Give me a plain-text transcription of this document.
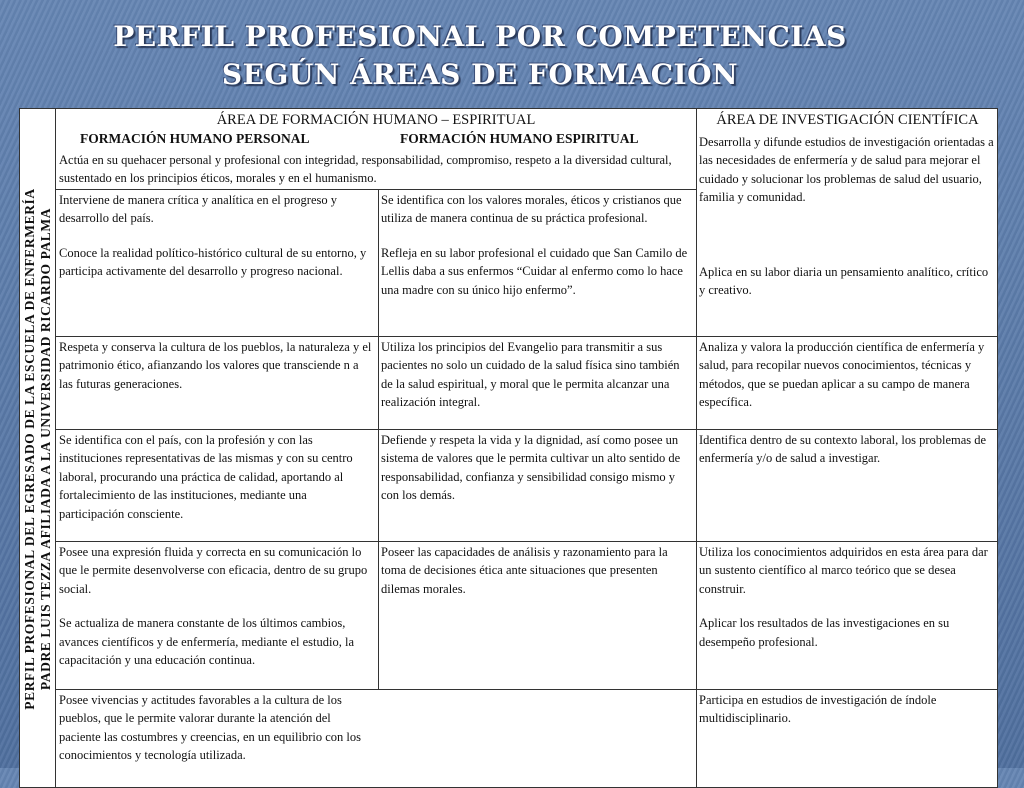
PERFIL PROFESIONAL POR COMPETENCIAS
SEGÚN ÁREAS DE FORMACIÓN
PERFIL PROFESIONAL DEL EGRESADO DE LA ESCUELA DE ENFERMERÍA PADRE LUIS TEZZA AFILIADA A LA UNIVERSIDAD RICARDO PALMA
ÁREA DE FORMACIÓN HUMANO – ESPIRITUAL	ÁREA DE INVESTIGACIÓN CIENTÍFICA
FORMACIÓN HUMANO PERSONAL	FORMACIÓN HUMANO ESPIRITUAL
Actúa en su quehacer personal y profesional con integridad, responsabilidad, compromiso, respeto a la diversidad cultural, sustentado en los principios éticos, morales y en el humanismo.
Desarrolla y difunde estudios de investigación orientadas a las necesidades de enfermería y de salud para mejorar el cuidado y solucionar los problemas de salud del usuario, familia y comunidad.

Interviene de manera crítica y analítica en el progreso y desarrollo del país.

Conoce la realidad político-histórico cultural de su entorno, y participa activamente del desarrollo y progreso nacional.

Se identifica con los valores morales, éticos y cristianos que utiliza de manera continua de su práctica profesional.

Refleja en su labor profesional el cuidado que San Camilo de Lellis daba a sus enfermos “Cuidar al enfermo como lo hace una madre con su único hijo enfermo”.

Aplica en su labor diaria un pensamiento analítico, crítico y creativo.
Respeta y conserva la cultura de los pueblos, la naturaleza y el patrimonio ético, afianzando los valores que transciende n a las futuras generaciones.
Utiliza los principios del Evangelio para transmitir a sus pacientes no solo un cuidado de la salud física sino también de la salud espiritual, y moral que le permita alcanzar una realización integral.
Analiza y valora la producción científica de enfermería y salud, para recopilar nuevos conocimientos, técnicas y métodos, que se puedan aplicar a su campo de manera específica.
Se identifica con el país, con la profesión y con las instituciones representativas de las mismas y con su centro laboral, procurando una práctica de calidad, aportando al fortalecimiento de las instituciones, mediante una participación consciente.
Defiende y respeta la vida y la dignidad, así como posee un sistema de valores que le permita cultivar un alto sentido de responsabilidad, confianza y sensibilidad consigo mismo y con los demás.
Identifica dentro de su contexto laboral, los problemas de enfermería y/o de salud a investigar.

Posee una expresión fluida y correcta en su comunicación lo que le permite desenvolverse con eficacia, dentro de su grupo social.

Se actualiza de manera constante de los últimos cambios, avances científicos y de enfermería, mediante el estudio, la capacitación y una educación continua.

Poseer las capacidades de análisis y razonamiento para la toma de decisiones ética ante situaciones que presenten dilemas morales.

Utiliza los conocimientos adquiridos en esta área para dar un sustento científico al marco teórico que se desea construir.

Aplicar los resultados de las investigaciones en su desempeño profesional.

Posee vivencias y actitudes favorables a la cultura de los pueblos, que le permite valorar durante la atención del paciente las costumbres y creencias, en un equilibrio con los conocimientos y tecnología utilizada.
Participa en estudios de investigación de índole multidisciplinario.
